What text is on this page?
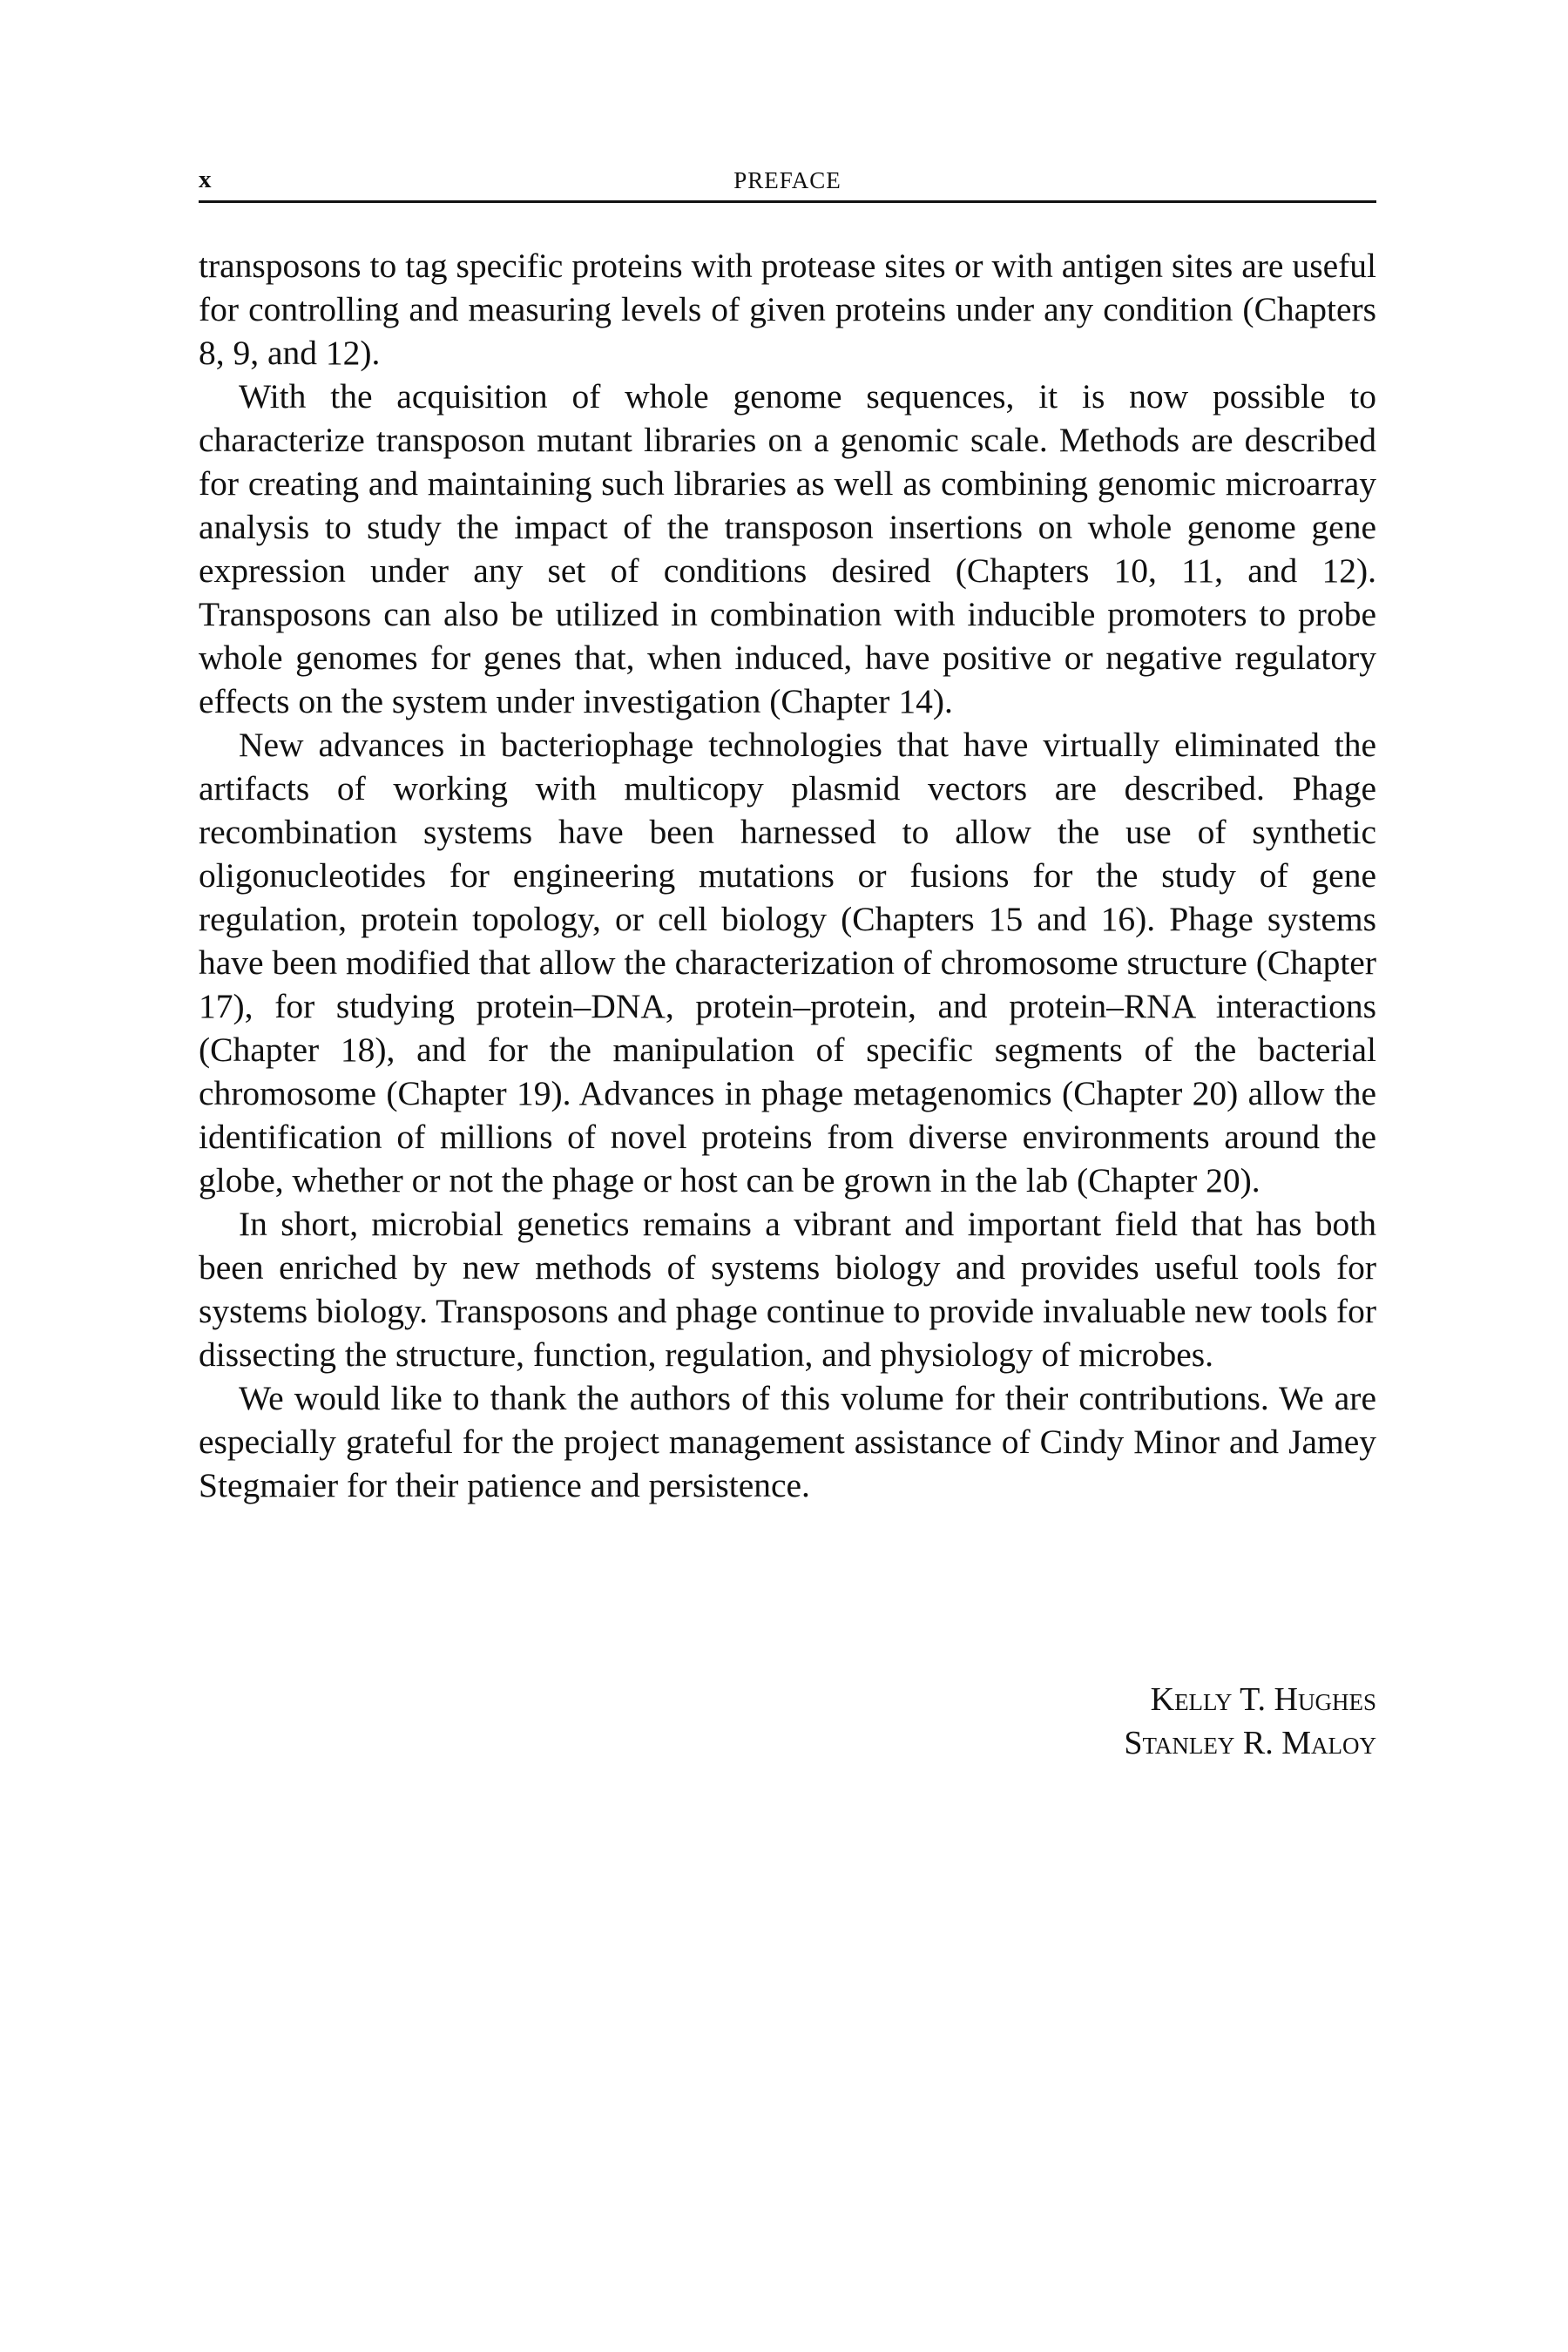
x	PREFACE

transposons to tag specific proteins with protease sites or with antigen sites are useful for controlling and measuring levels of given proteins under any condition (Chapters 8, 9, and 12).

With the acquisition of whole genome sequences, it is now possible to characterize transposon mutant libraries on a genomic scale. Methods are described for creating and maintaining such libraries as well as combining genomic microarray analysis to study the impact of the transposon insertions on whole genome gene expression under any set of conditions desired (Chapters 10, 11, and 12). Transposons can also be utilized in combination with inducible promoters to probe whole genomes for genes that, when induced, have positive or negative regulatory effects on the system under investigation (Chapter 14).

New advances in bacteriophage technologies that have virtually eliminated the artifacts of working with multicopy plasmid vectors are described. Phage recombination systems have been harnessed to allow the use of synthetic oligonucleotides for engineering mutations or fusions for the study of gene regulation, protein topology, or cell biology (Chapters 15 and 16). Phage systems have been modified that allow the characterization of chromosome structure (Chapter 17), for studying protein–DNA, protein–protein, and protein–RNA interactions (Chapter 18), and for the manipulation of specific segments of the bacterial chromosome (Chapter 19). Advances in phage metagenomics (Chapter 20) allow the identification of millions of novel proteins from diverse environments around the globe, whether or not the phage or host can be grown in the lab (Chapter 20).

In short, microbial genetics remains a vibrant and important field that has both been enriched by new methods of systems biology and provides useful tools for systems biology. Transposons and phage continue to provide invaluable new tools for dissecting the structure, function, regulation, and physiology of microbes.

We would like to thank the authors of this volume for their contributions. We are especially grateful for the project management assistance of Cindy Minor and Jamey Stegmaier for their patience and persistence.

Kelly T. Hughes
Stanley R. Maloy
